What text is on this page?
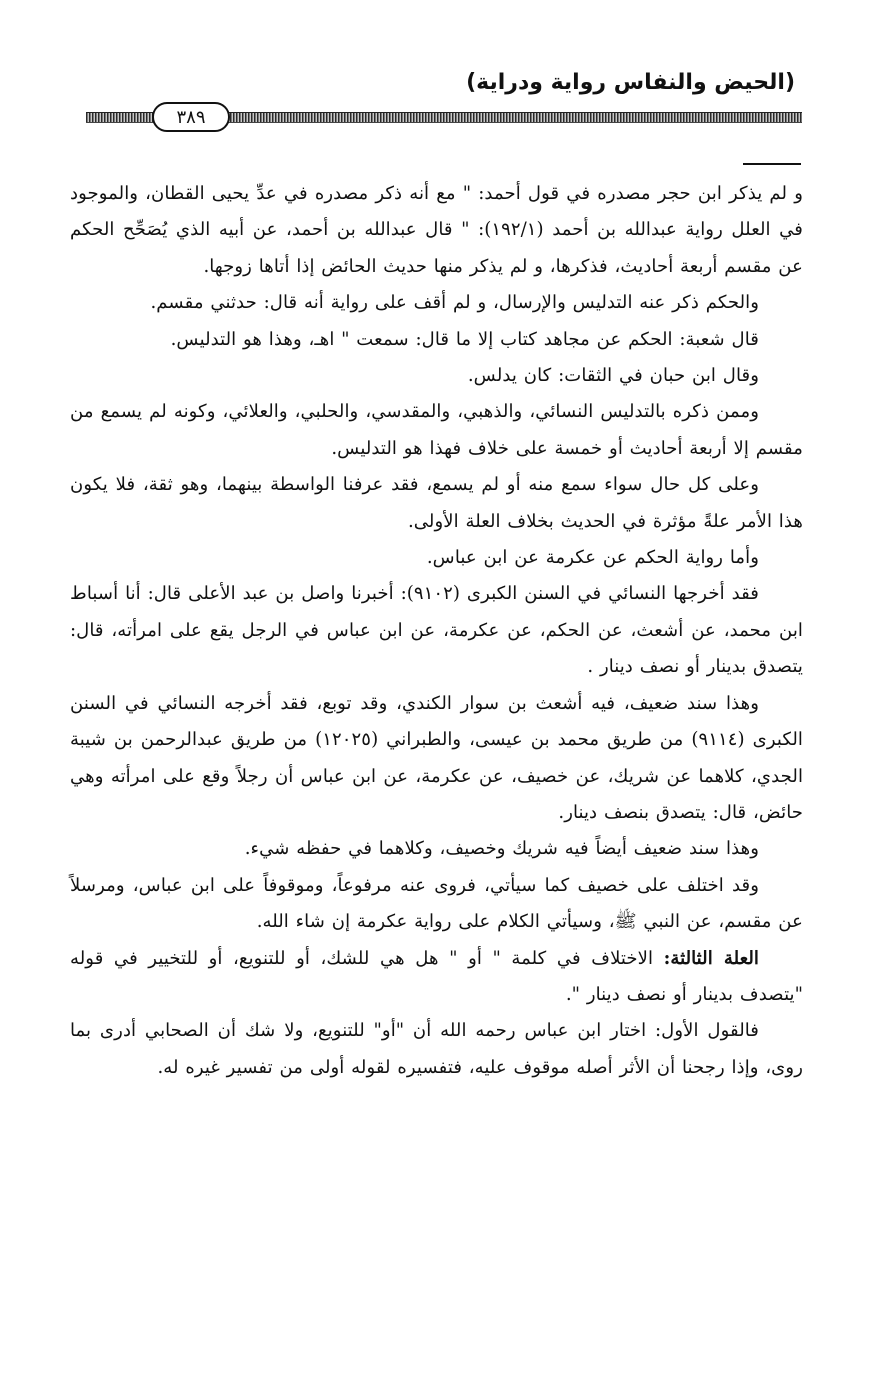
(الحيض والنفاس رواية ودراية)
٣٨٩

و لم يذكر ابن حجر مصدره في قول أحمد: " مع أنه ذكر مصدره في عدِّ يحيى القطان، والموجود في العلل رواية عبدالله بن أحمد (١٩٢/١): " قال عبدالله بن أحمد، عن أبيه الذي يُصَحِّح الحكم عن مقسم أربعة أحاديث، فذكرها، و لم يذكر منها حديث الحائض إذا أتاها زوجها.

والحكم ذكر عنه التدليس والإرسال، و لم أقف على رواية أنه قال: حدثني مقسم.

قال شعبة: الحكم عن مجاهد كتاب إلا ما قال: سمعت " اهـ، وهذا هو التدليس.

وقال ابن حبان في الثقات: كان يدلس.

وممن ذكره بالتدليس النسائي، والذهبي، والمقدسي، والحلبي، والعلائي، وكونه لم يسمع من مقسم إلا أربعة أحاديث أو خمسة على خلاف فهذا هو التدليس.

وعلى كل حال سواء سمع منه أو لم يسمع، فقد عرفنا الواسطة بينهما، وهو ثقة، فلا يكون هذا الأمر علةً مؤثرة في الحديث بخلاف العلة الأولى.

وأما رواية الحكم عن عكرمة عن ابن عباس.

فقد أخرجها النسائي في السنن الكبرى (٩١٠٢): أخبرنا واصل بن عبد الأعلى قال: أنا أسباط ابن محمد، عن أشعث، عن الحكم، عن عكرمة، عن ابن عباس في الرجل يقع على امرأته، قال: يتصدق بدينار أو نصف دينار .

وهذا سند ضعيف، فيه أشعث بن سوار الكندي، وقد توبع، فقد أخرجه النسائي في السنن الكبرى (٩١١٤) من طريق محمد بن عيسى، والطبراني (١٢٠٢٥) من طريق عبدالرحمن بن شيبة الجدي، كلاهما عن شريك، عن خصيف، عن عكرمة، عن ابن عباس أن رجلاً وقع على امرأته وهي حائض، قال: يتصدق بنصف دينار.

وهذا سند ضعيف أيضاً فيه شريك وخصيف، وكلاهما في حفظه شيء.

وقد اختلف على خصيف كما سيأتي، فروى عنه مرفوعاً، وموقوفاً على ابن عباس، ومرسلاً عن مقسم، عن النبي ﷺ، وسيأتي الكلام على رواية عكرمة إن شاء الله.

العلة الثالثة: الاختلاف في كلمة " أو " هل هي للشك، أو للتنويع، أو للتخيير في قوله "يتصدف بدينار أو نصف دينار ".

فالقول الأول: اختار ابن عباس رحمه الله أن "أو" للتنويع، ولا شك أن الصحابي أدرى بما روى، وإذا رجحنا أن الأثر أصله موقوف عليه، فتفسيره لقوله أولى من تفسير غيره له.
